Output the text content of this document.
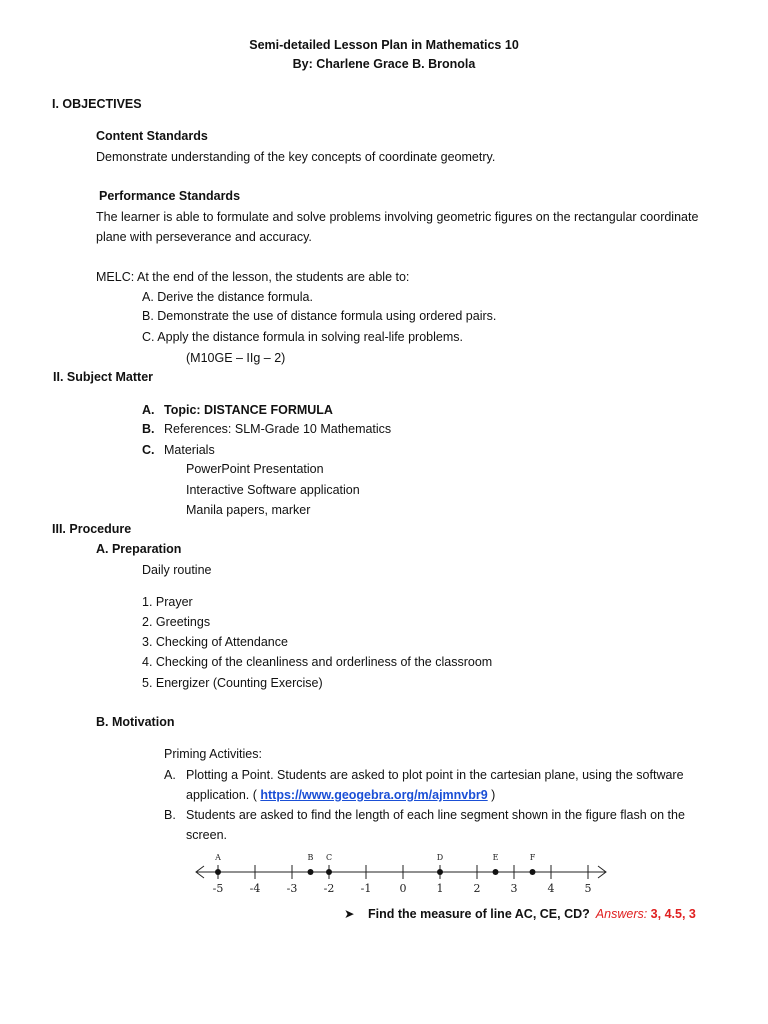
Semi-detailed Lesson Plan in Mathematics 10
By: Charlene Grace B. Bronola
I. OBJECTIVES
Content Standards
Demonstrate understanding of the key concepts of coordinate geometry.
Performance Standards
The learner is able to formulate and solve problems involving geometric figures on the rectangular coordinate
plane with perseverance and accuracy.
MELC: At the end of the lesson, the students are able to:
A. Derive the distance formula.
B. Demonstrate the use of distance formula using ordered pairs.
C. Apply the distance formula in solving real-life problems.
(M10GE – IIg – 2)
II. Subject Matter
A. Topic: DISTANCE FORMULA
B. References: SLM-Grade 10 Mathematics
C. Materials
PowerPoint Presentation
Interactive Software application
Manila papers, marker
III. Procedure
A. Preparation
Daily routine
1. Prayer
2. Greetings
3. Checking of Attendance
4. Checking of the cleanliness and orderliness of the classroom
5. Energizer (Counting Exercise)
B. Motivation
Priming Activities:
A. Plotting a Point. Students are asked to plot point in the cartesian plane, using the software
application. ( https://www.geogebra.org/m/ajmnvbr9 )
B. Students are asked to find the length of each line segment shown in the figure flash on the
screen.
-5 -4 -3 -2 -1	0	1	2	3	4	5
A	B C	D	E	F
➤ Find the measure of line AC, CE, CD? Answers: 3, 4.5, 3
